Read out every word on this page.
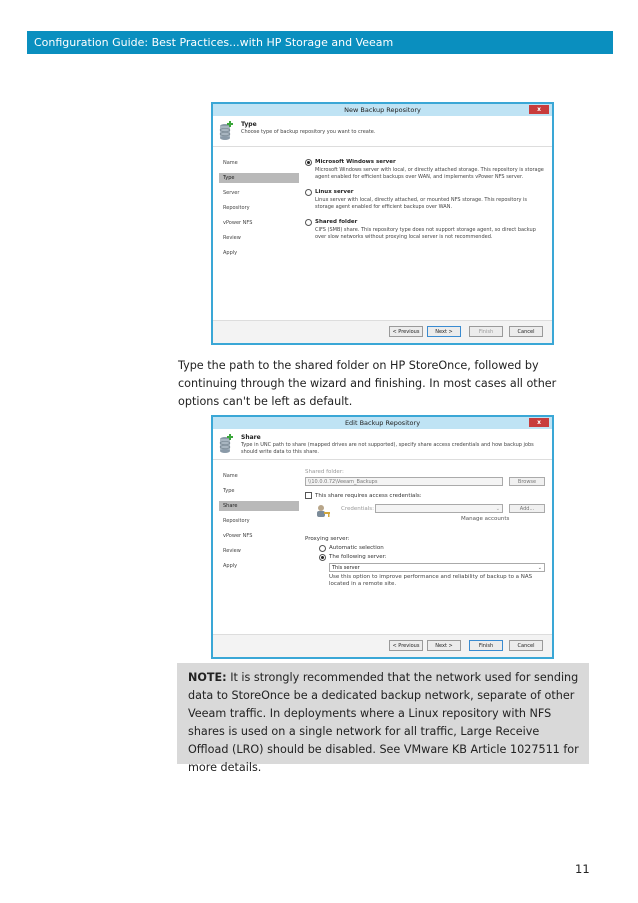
Configuration Guide: Best Practices...with HP Storage and Veeam
New Backup Repository	x
Type
Choose type of backup repository you want to create.
Name
Type
Server
Repository
vPower NFS
Review
Apply
Microsoft Windows server
Microsoft Windows server with local, or directly attached storage. This repository is storage agent enabled for efficient backups over WAN, and implements vPower NFS server.
Linux server
Linux server with local, directly attached, or mounted NFS storage. This repository is storage agent enabled for efficient backups over WAN.
Shared folder
CIFS (SMB) share. This repository type does not support storage agent, so direct backup over slow networks without proxying local server is not recommended.
< Previous	Next >	Finish	Cancel
Type the path to the shared folder on HP StoreOnce, followed by continuing through the wizard and finishing. In most cases all other options can't be left as default.
Edit Backup Repository	x
Share
Type in UNC path to share (mapped drives are not supported), specify share access credentials and how backup jobs should write data to this share.
Name
Type
Share
Repository
vPower NFS
Review
Apply
Shared folder:
\\10.0.0.72\Veeam_Backups	Browse
This share requires access credentials:
Credentials:	⌄	Add...
Manage accounts
Proxying server:
Automatic selection
The following server:
This server	⌄
Use this option to improve performance and reliability of backup to a NAS located in a remote site.
< Previous	Next >	Finish	Cancel
NOTE: It is strongly recommended that the network used for sending data to StoreOnce be a dedicated backup network, separate of other Veeam traffic. In deployments where a Linux repository with NFS shares is used on a single network for all traffic, Large Receive Offload (LRO) should be disabled. See VMware KB Article 1027511 for more details.
11
